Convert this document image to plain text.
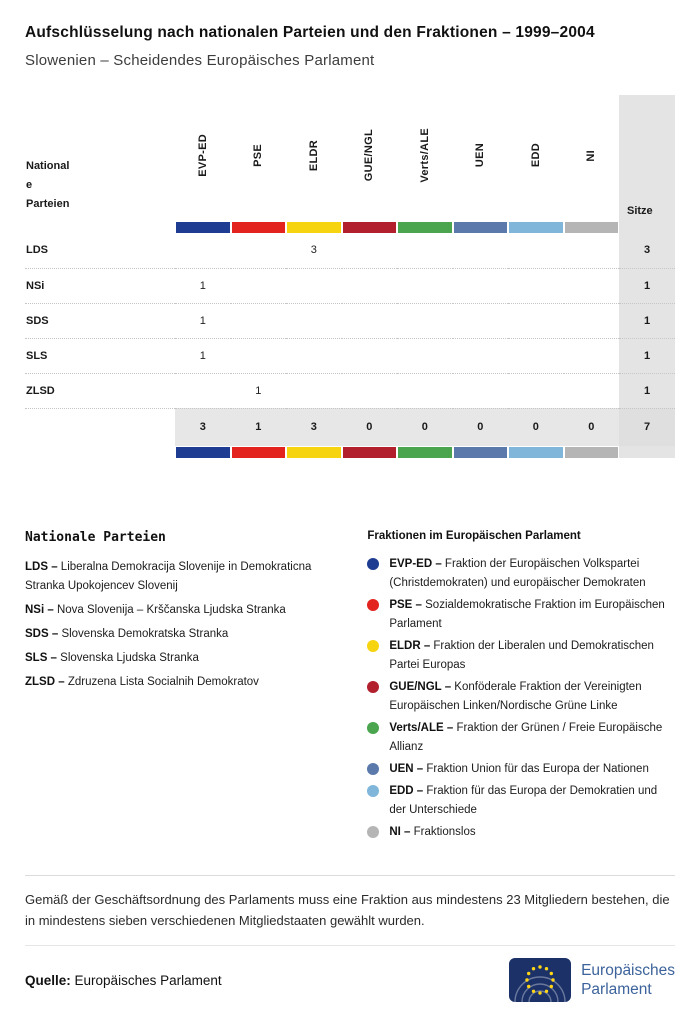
Aufschlüsselung nach nationalen Parteien und den Fraktionen – 1999–2004
Slowenien – Scheidendes Europäisches Parlament
National
e
Parteien	EVP-ED	PSE	ELDR	GUE/NGL	Verts/ALE	UEN	EDD	NI	Sitze

LDS			3						3
NSi	1								1
SDS	1								1
SLS	1								1
ZLSD		1							1
	3	1	3	0	0	0	0	0	7

Nationale Parteien
LDS – Liberalna Demokracija Slovenije in Demokraticna Stranka Upokojencev Slovenij
NSi – Nova Slovenija – Krščanska Ljudska Stranka
SDS – Slovenska Demokratska Stranka
SLS – Slovenska Ljudska Stranka
ZLSD – Zdruzena Lista Socialnih Demokratov
Fraktionen im Europäischen Parlament
EVP-ED – Fraktion der Europäischen Volkspartei (Christdemokraten) und europäischer Demokraten
PSE – Sozialdemokratische Fraktion im Europäischen Parlament
ELDR – Fraktion der Liberalen und Demokratischen Partei Europas
GUE/NGL – Konföderale Fraktion der Vereinigten Europäischen Linken/Nordische Grüne Linke
Verts/ALE – Fraktion der Grünen / Freie Europäische Allianz
UEN – Fraktion Union für das Europa der Nationen
EDD – Fraktion für das Europa der Demokratien und der Unterschiede
NI – Fraktionslos

Gemäß der Geschäftsordnung des Parlaments muss eine Fraktion aus mindestens 23 Mitgliedern bestehen, die in mindestens sieben verschiedenen Mitgliedstaaten gewählt wurden.

Quelle: Europäisches Parlament
Europäisches
Parlament
